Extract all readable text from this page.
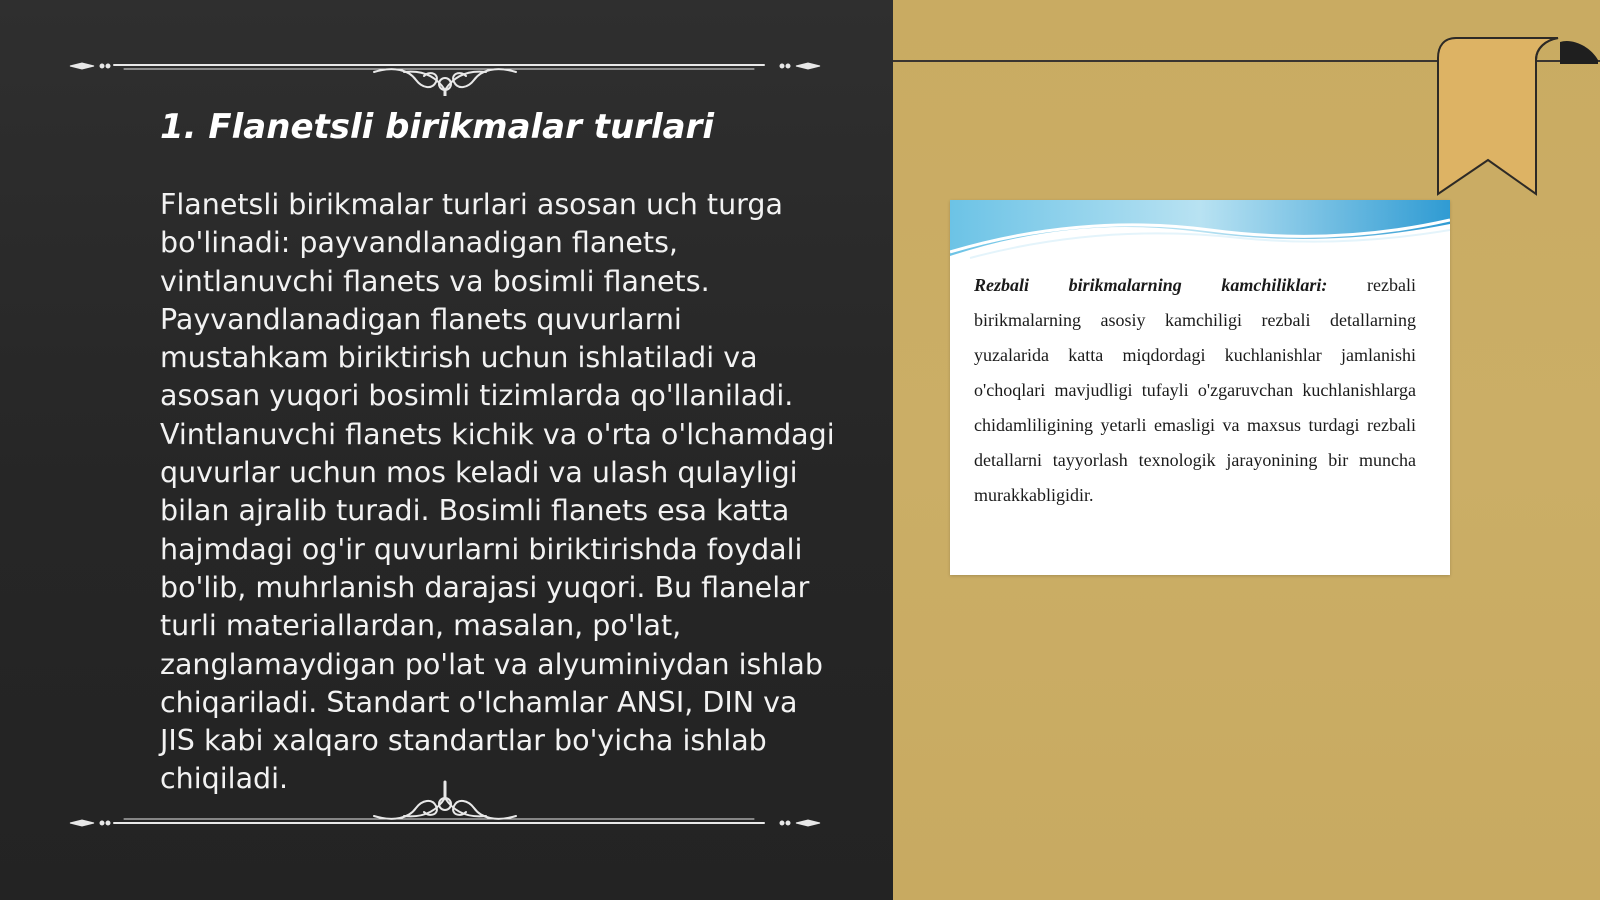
1. Flanetsli birikmalar turlari

Flanetsli birikmalar turlari asosan uch turga bo'linadi: payvandlanadigan flanets, vintlanuvchi flanets va bosimli flanets.
Payvandlanadigan flanets quvurlarni mustahkam biriktirish uchun ishlatiladi va asosan yuqori bosimli tizimlarda qo'llaniladi.
Vintlanuvchi flanets kichik va o'rta o'lchamdagi quvurlar uchun mos keladi va ulash qulayligi bilan ajralib turadi. Bosimli flanets esa katta hajmdagi og'ir quvurlarni biriktirishda foydali bo'lib, muhrlanish darajasi yuqori. Bu flanelar turli materiallardan, masalan, po'lat, zanglamaydigan po'lat va alyuminiydan ishlab chiqariladi. Standart o'lchamlar ANSI, DIN va JIS kabi xalqaro standartlar bo'yicha ishlab chiqiladi.

Rezbali birikmalarning kamchiliklari: rezbali birikmalarning asosiy kamchiligi rezbali detallarning yuzalarida katta miqdordagi kuchlanishlar jamlanishi o'choqlari mavjudligi tufayli o'zgaruvchan kuchlanishlarga chidamliligining yetarli emasligi va maxsus turdagi rezbali detallarni tayyorlash texnologik jarayonining bir muncha murakkabligidir.
